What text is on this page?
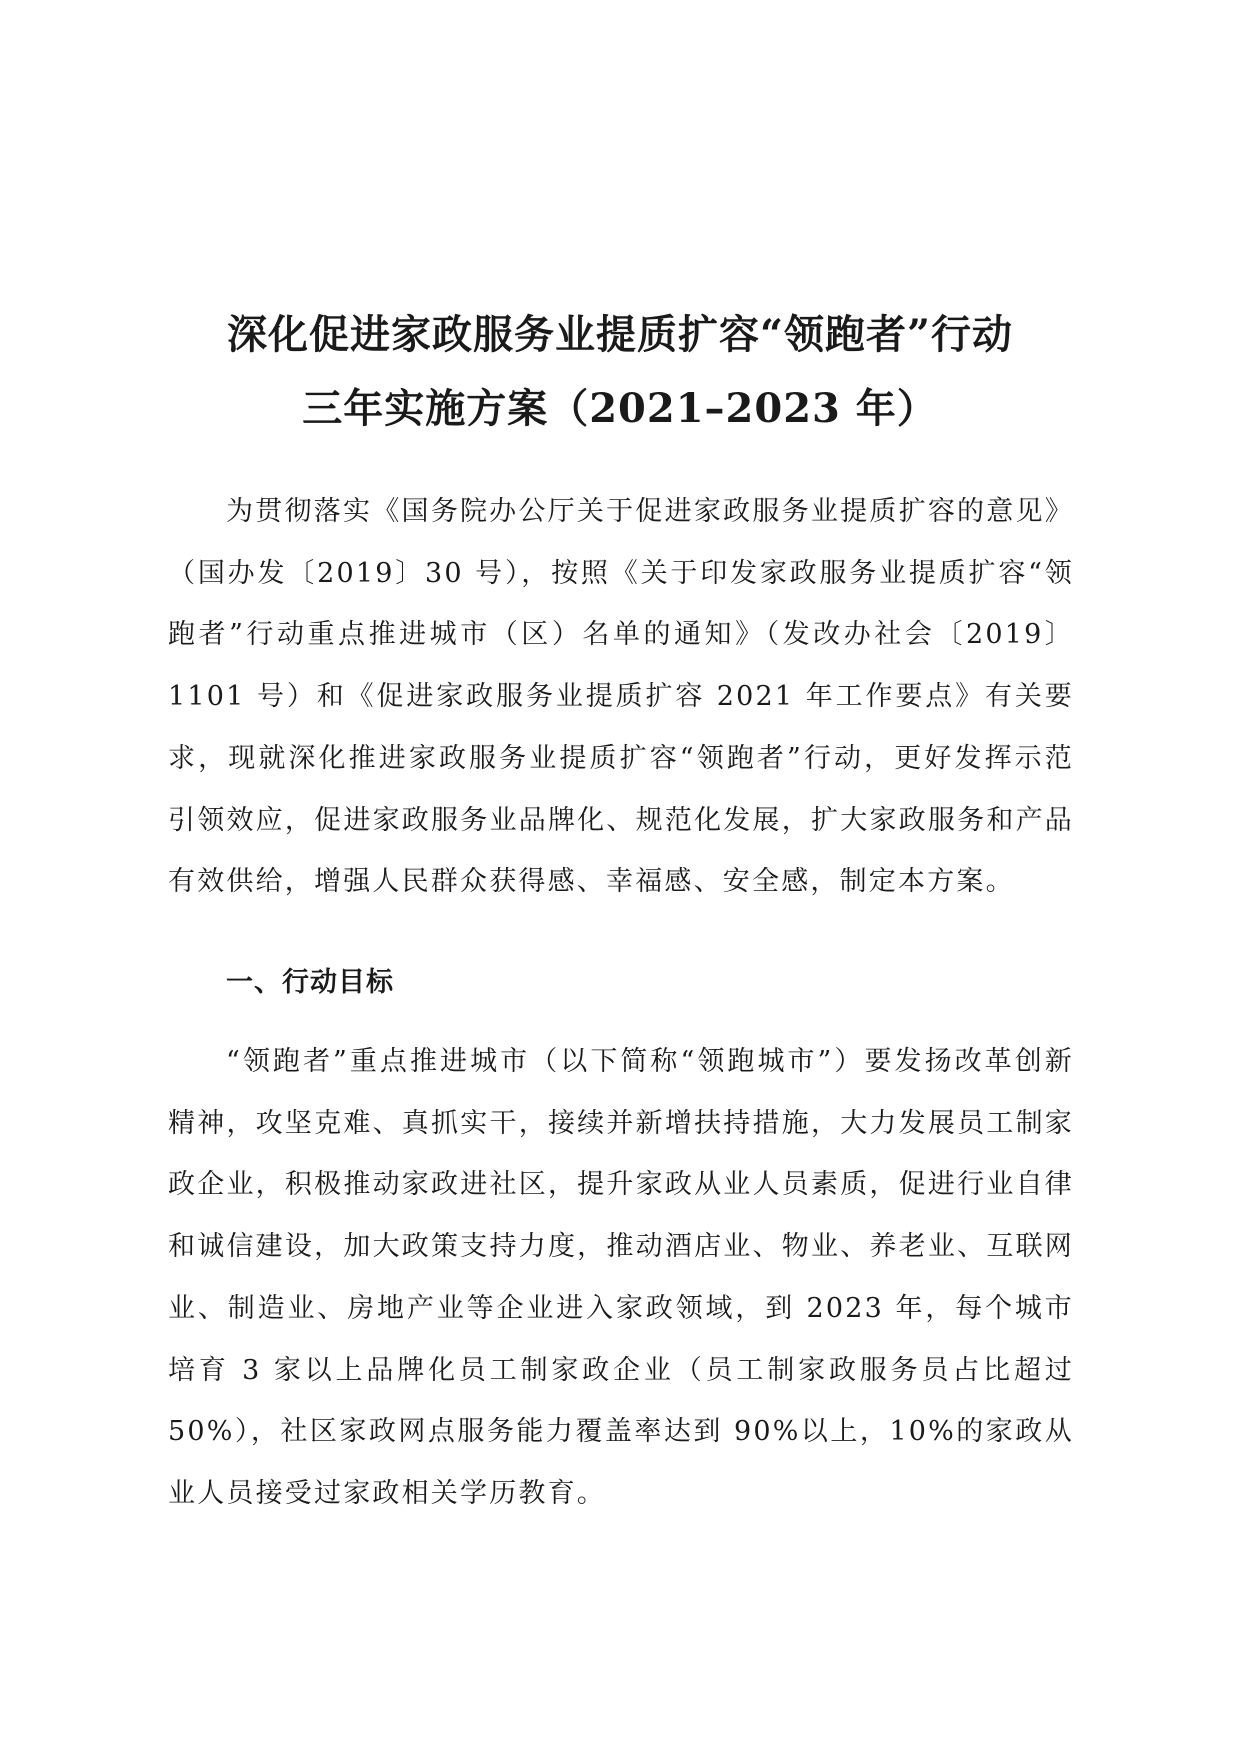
深化促进家政服务业提质扩容“领跑者”行动
三年实施方案（2021–2023 年）

为贯彻落实《国务院办公厅关于促进家政服务业提质扩容的意见》（国办发〔2019〕30 号），按照《关于印发家政服务业提质扩容“领跑者”行动重点推进城市（区）名单的通知》（发改办社会〔2019〕1101 号）和《促进家政服务业提质扩容 2021 年工作要点》有关要求，现就深化推进家政服务业提质扩容“领跑者”行动，更好发挥示范引领效应，促进家政服务业品牌化、规范化发展，扩大家政服务和产品有效供给，增强人民群众获得感、幸福感、安全感，制定本方案。

一、行动目标

“领跑者”重点推进城市（以下简称“领跑城市”）要发扬改革创新精神，攻坚克难、真抓实干，接续并新增扶持措施，大力发展员工制家政企业，积极推动家政进社区，提升家政从业人员素质，促进行业自律和诚信建设，加大政策支持力度，推动酒店业、物业、养老业、互联网业、制造业、房地产业等企业进入家政领域，到 2023 年，每个城市培育 3 家以上品牌化员工制家政企业（员工制家政服务员占比超过 50%），社区家政网点服务能力覆盖率达到 90%以上，10%的家政从业人员接受过家政相关学历教育。
